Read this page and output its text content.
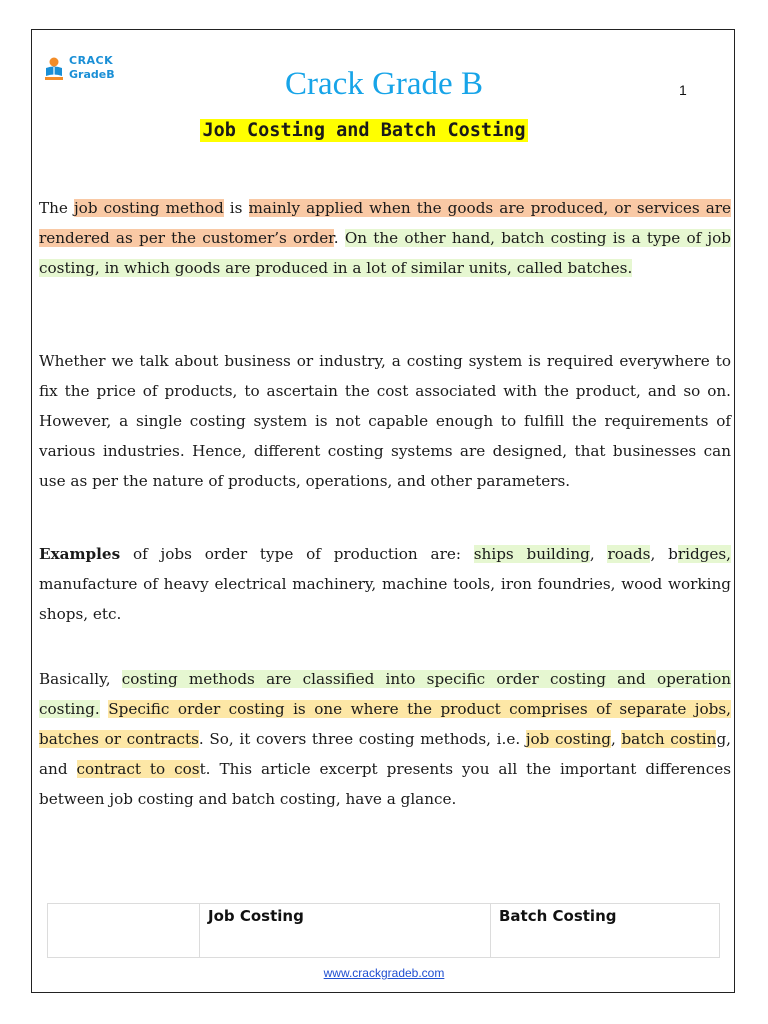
CRACK
GradeB	Crack Grade B	1
Job Costing and Batch Costing

The job costing method is mainly applied when the goods are produced, or services are rendered as per the customer’s order. On the other hand, batch costing is a type of job costing, in which goods are produced in a lot of similar units, called batches.

Whether we talk about business or industry, a costing system is required everywhere to fix the price of products, to ascertain the cost associated with the product, and so on. However, a single costing system is not capable enough to fulfill the requirements of various industries. Hence, different costing systems are designed, that businesses can use as per the nature of products, operations, and other parameters.

Examples of jobs order type of production are: ships building, roads, bridges, manufacture of heavy electrical machinery, machine tools, iron foundries, wood working shops, etc.

Basically, costing methods are classified into specific order costing and operation costing. Specific order costing is one where the product comprises of separate jobs, batches or contracts. So, it covers three costing methods, i.e. job costing, batch costing, and contract to cost. This article excerpt presents you all the important differences between job costing and batch costing, have a glance.

	Job Costing	Batch Costing
www.crackgradeb.com
